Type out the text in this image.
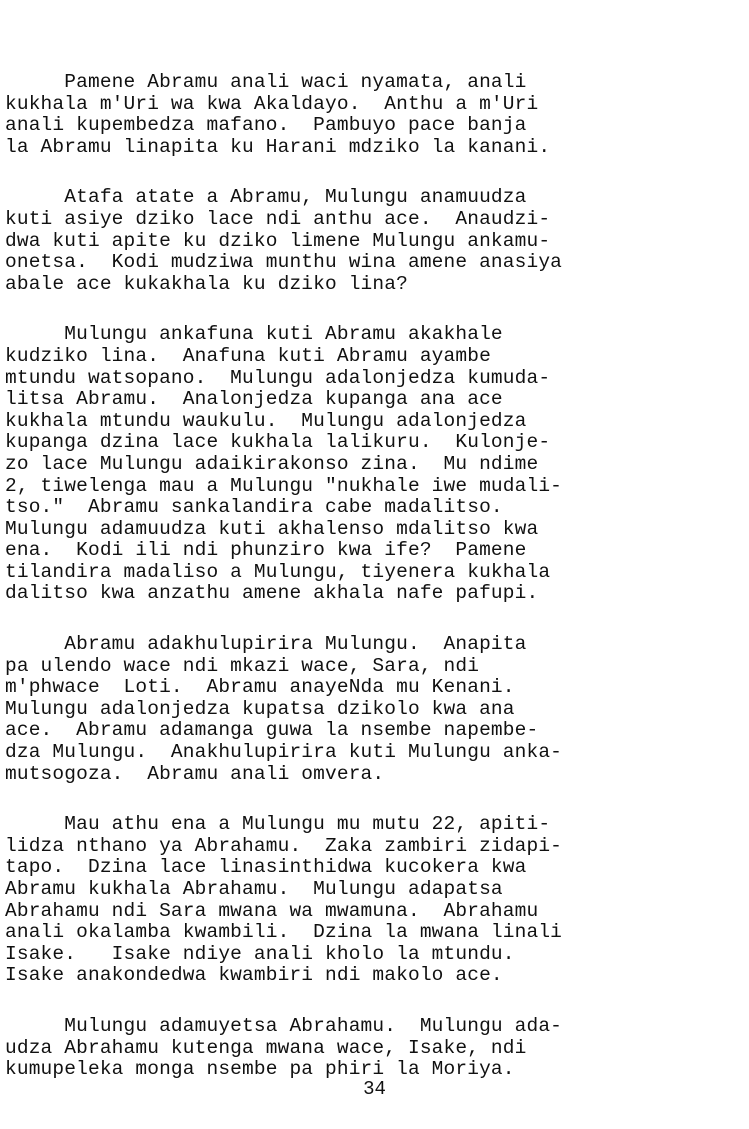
Pamene Abramu anali waci nyamata, anali
kukhala m'Uri wa kwa Akaldayo.  Anthu a m'Uri
anali kupembedza mafano.  Pambuyo pace banja
la Abramu linapita ku Harani mdziko la kanani.
Atafa atate a Abramu, Mulungu anamuudza
kuti asiye dziko lace ndi anthu ace.  Anaudzi-
dwa kuti apite ku dziko limene Mulungu ankamu-
onetsa.  Kodi mudziwa munthu wina amene anasiya
abale ace kukakhala ku dziko lina?
Mulungu ankafuna kuti Abramu akakhale
kudziko lina.  Anafuna kuti Abramu ayambe
mtundu watsopano.  Mulungu adalonjedza kumuda-
litsa Abramu.  Analonjedza kupanga ana ace
kukhala mtundu waukulu.  Mulungu adalonjedza
kupanga dzina lace kukhala lalikuru.  Kulonje-
zo lace Mulungu adaikirakonso zina.  Mu ndime
2, tiwelenga mau a Mulungu "nukhale iwe mudali-
tso."  Abramu sankalandira cabe madalitso.
Mulungu adamuudza kuti akhalenso mdalitso kwa
ena.  Kodi ili ndi phunziro kwa ife?  Pamene
tilandira madaliso a Mulungu, tiyenera kukhala
dalitso kwa anzathu amene akhala nafe pafupi.
Abramu adakhulupirira Mulungu.  Anapita
pa ulendo wace ndi mkazi wace, Sara, ndi
m'phwace  Loti.  Abramu anayeNda mu Kenani.
Mulungu adalonjedza kupatsa dzikolo kwa ana
ace.  Abramu adamanga guwa la nsembe napembe-
dza Mulungu.  Anakhulupirira kuti Mulungu anka-
mutsogoza.  Abramu anali omvera.
Mau athu ena a Mulungu mu mutu 22, apiti-
lidza nthano ya Abrahamu.  Zaka zambiri zidapi-
tapo.  Dzina lace linasinthidwa kucokera kwa
Abramu kukhala Abrahamu.  Mulungu adapatsa
Abrahamu ndi Sara mwana wa mwamuna.  Abrahamu
anali okalamba kwambili.  Dzina la mwana linali
Isake.   Isake ndiye anali kholo la mtundu.
Isake anakondedwa kwambiri ndi makolo ace.
Mulungu adamuyetsa Abrahamu.  Mulungu ada-
udza Abrahamu kutenga mwana wace, Isake, ndi
kumupeleka monga nsembe pa phiri la Moriya.
34
